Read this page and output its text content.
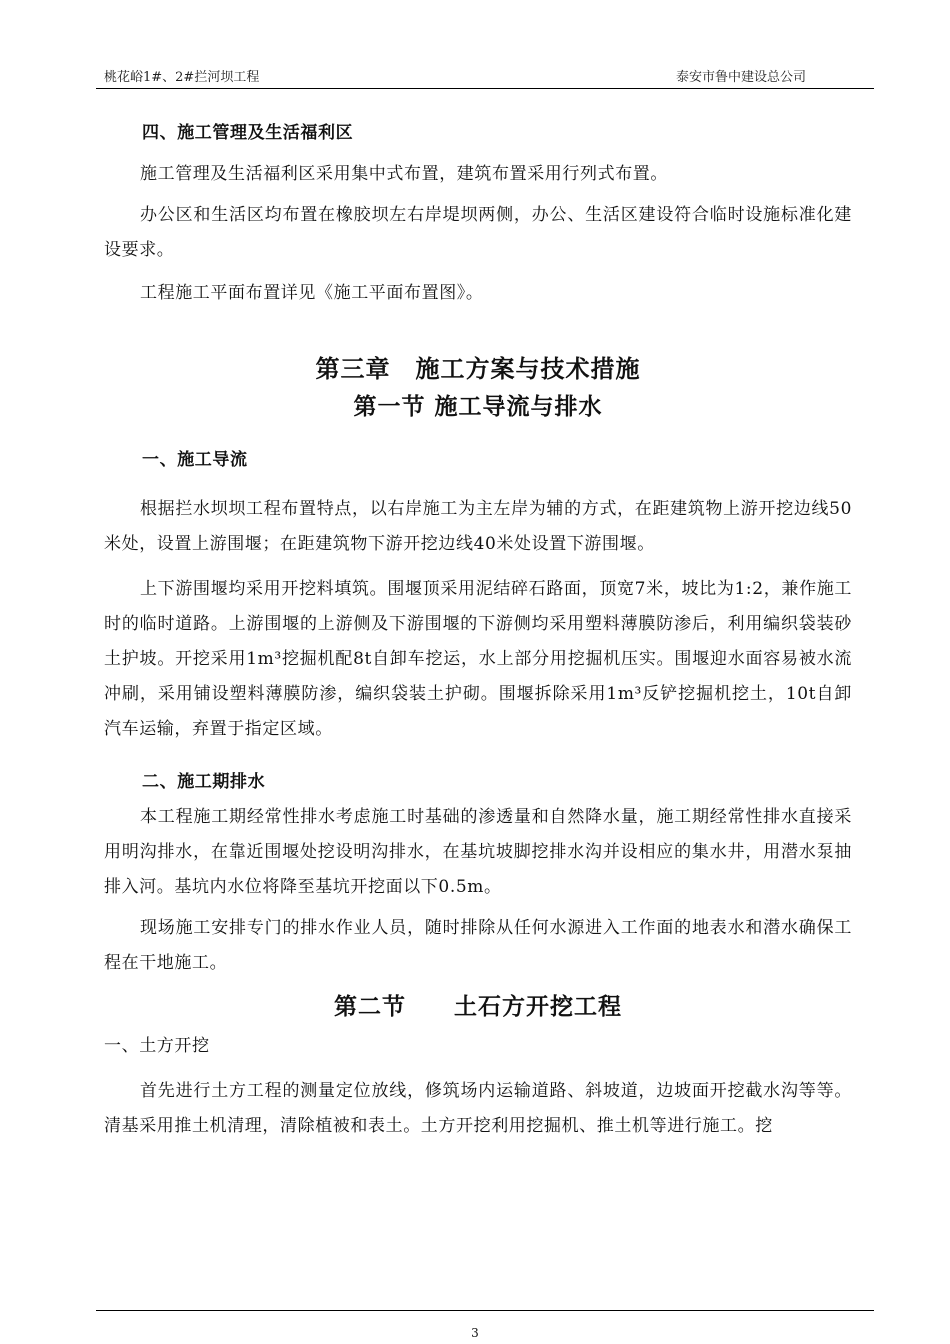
桃花峪1#、2#拦河坝工程	泰安市鲁中建设总公司

四、施工管理及生活福利区

施工管理及生活福利区采用集中式布置，建筑布置采用行列式布置。

办公区和生活区均布置在橡胶坝左右岸堤坝两侧，办公、生活区建设符合临时设施标准化建设要求。

工程施工平面布置详见《施工平面布置图》。

第三章　施工方案与技术措施
第一节 施工导流与排水

一、施工导流

根据拦水坝坝工程布置特点，以右岸施工为主左岸为辅的方式，在距建筑物上游开挖边线50米处，设置上游围堰；在距建筑物下游开挖边线40米处设置下游围堰。

上下游围堰均采用开挖料填筑。围堰顶采用泥结碎石路面，顶宽7米，坡比为1:2，兼作施工时的临时道路。上游围堰的上游侧及下游围堰的下游侧均采用塑料薄膜防渗后，利用编织袋装砂土护坡。开挖采用1m³挖掘机配8t自卸车挖运，水上部分用挖掘机压实。围堰迎水面容易被水流冲刷，采用铺设塑料薄膜防渗，编织袋装土护砌。围堰拆除采用1m³反铲挖掘机挖土，10t自卸汽车运输，弃置于指定区域。

二、施工期排水

本工程施工期经常性排水考虑施工时基础的渗透量和自然降水量，施工期经常性排水直接采用明沟排水，在靠近围堰处挖设明沟排水，在基坑坡脚挖排水沟并设相应的集水井，用潜水泵抽排入河。基坑内水位将降至基坑开挖面以下0.5m。

现场施工安排专门的排水作业人员，随时排除从任何水源进入工作面的地表水和潜水确保工程在干地施工。

第二节　　土石方开挖工程

一、土方开挖

首先进行土方工程的测量定位放线，修筑场内运输道路、斜坡道，边坡面开挖截水沟等等。清基采用推土机清理，清除植被和表土。土方开挖利用挖掘机、推土机等进行施工。挖

3
